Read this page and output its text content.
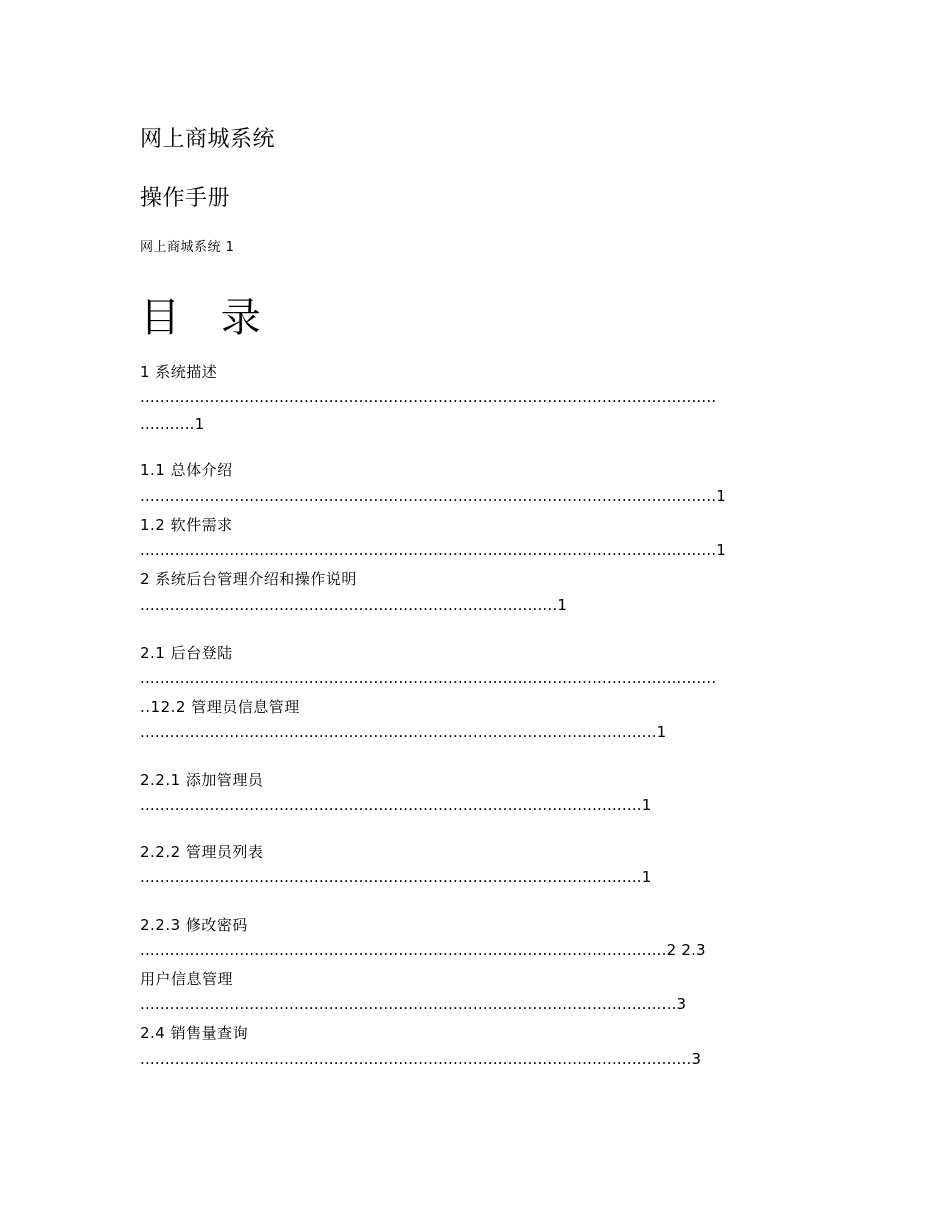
网上商城系统
操作手册
网上商城系统 1
目 录
1 系统描述
....................................................................................................................
...........1
1.1 总体介绍
....................................................................................................................1
1.2 软件需求
....................................................................................................................1
2 系统后台管理介绍和操作说明
....................................................................................1
2.1 后台登陆
....................................................................................................................
..12.2 管理员信息管理
........................................................................................................1
2.2.1 添加管理员
.....................................................................................................1
2.2.2 管理员列表
.....................................................................................................1
2.2.3 修改密码
..........................................................................................................2 2.3
用户信息管理
............................................................................................................3
2.4 销售量查询
...............................................................................................................3
